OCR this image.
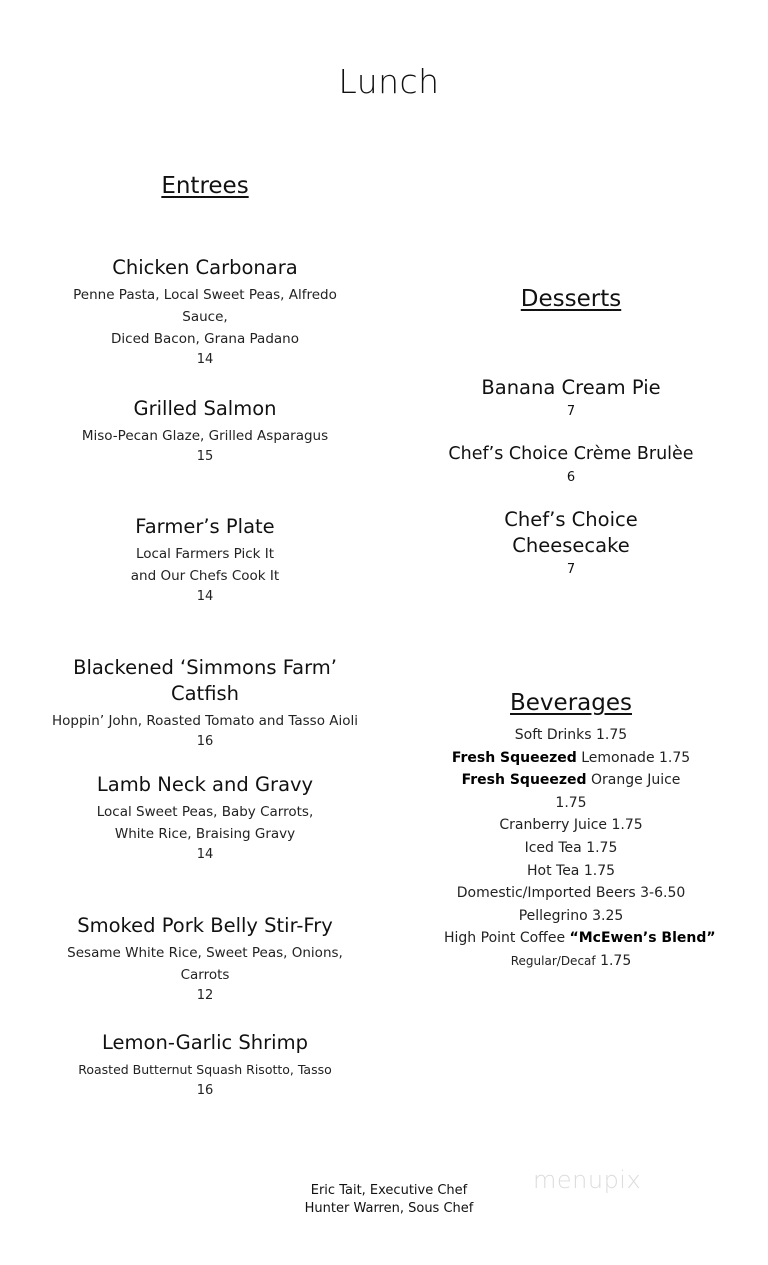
Lunch
Entrees
Chicken Carbonara
Penne Pasta, Local Sweet Peas, Alfredo Sauce,
Diced Bacon, Grana Padano
14
Grilled Salmon
Miso-Pecan Glaze, Grilled Asparagus
15
Farmer’s Plate
Local Farmers Pick It
and Our Chefs Cook It
14
Blackened ‘Simmons Farm’ Catfish
Hoppin’ John, Roasted Tomato and Tasso Aioli
16
Lamb Neck and Gravy
Local Sweet Peas, Baby Carrots,
White Rice, Braising Gravy
14
Smoked Pork Belly Stir-Fry
Sesame White Rice, Sweet Peas, Onions, Carrots
12
Lemon-Garlic Shrimp
Roasted Butternut Squash Risotto, Tasso
16
Desserts
Banana Cream Pie
7
Chef’s Choice Crème Brulèe
6
Chef’s Choice Cheesecake
7
Beverages
Soft Drinks 1.75
Fresh Squeezed Lemonade 1.75
Fresh Squeezed Orange Juice 1.75
Cranberry Juice 1.75
Iced Tea 1.75
Hot Tea 1.75
Domestic/Imported Beers 3-6.50
Pellegrino 3.25
High Point Coffee “McEwen’s Blend”
Regular/Decaf 1.75
Eric Tait, Executive Chef
Hunter Warren, Sous Chef
menupix
